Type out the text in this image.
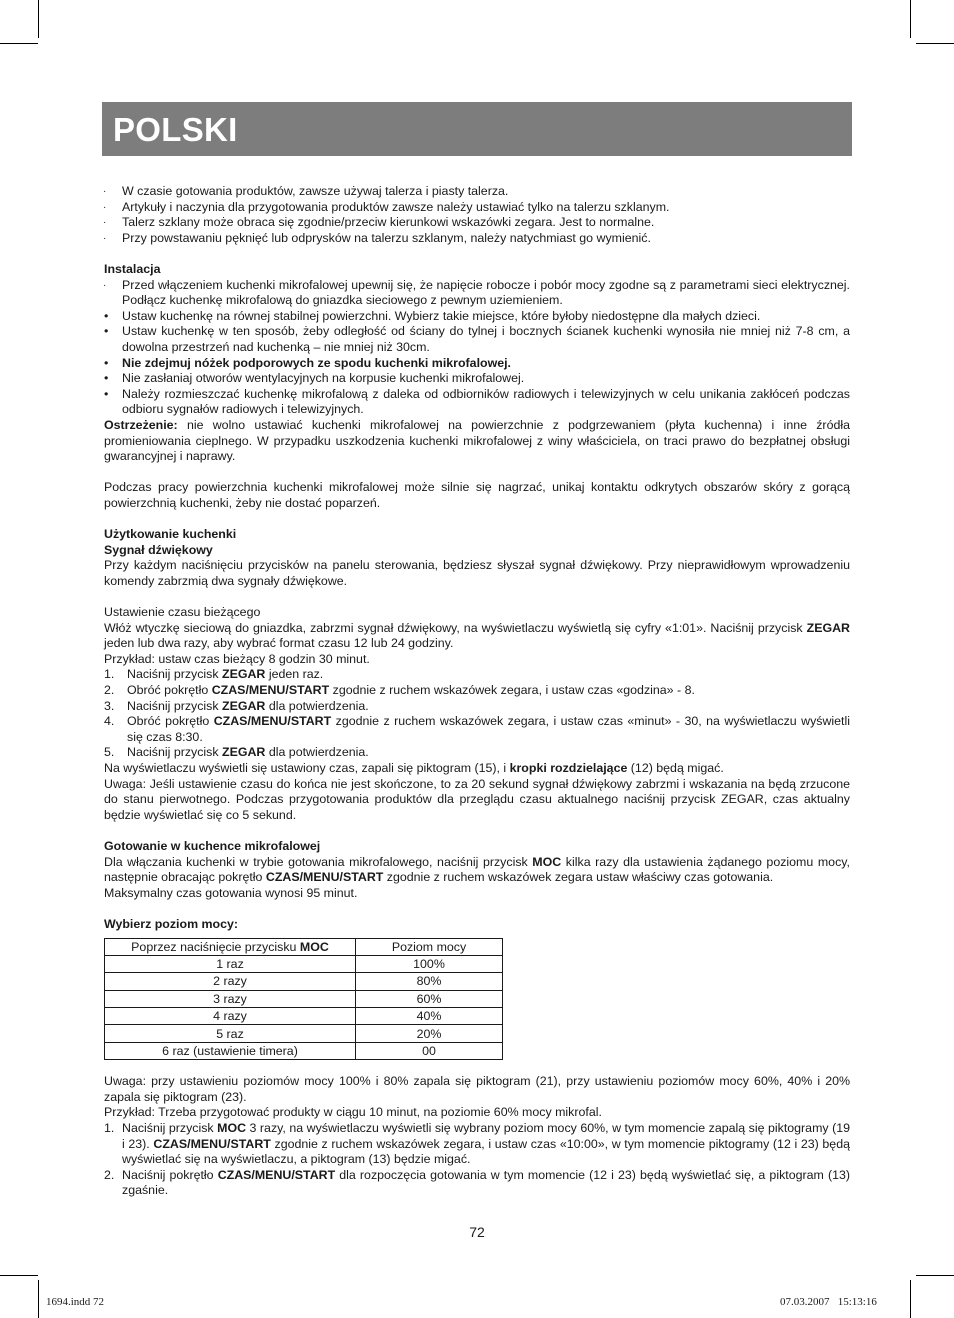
POLSKI
· W czasie gotowania produktów, zawsze używaj talerza i piasty talerza.
· Artykuły i naczynia dla przygotowania produktów zawsze należy ustawiać tylko na talerzu szklanym.
· Talerz szklany może obraca się zgodnie/przeciw kierunkowi wskazówki zegara. Jest to normalne.
· Przy powstawaniu pęknięć lub odprysków na talerzu szklanym, należy natychmiast go wymienić.
Instalacja
· Przed włączeniem kuchenki mikrofalowej upewnij się, że napięcie robocze i pobór mocy zgodne są z parametrami sieci elektrycznej. Podłącz kuchenkę mikrofalową do gniazdka sieciowego z pewnym uziemieniem.
• Ustaw kuchenkę na równej stabilnej powierzchni. Wybierz takie miejsce, które byłoby niedostępne dla małych dzieci.
• Ustaw kuchenkę w ten sposób, żeby odległość od ściany do tylnej i bocznych ścianek kuchenki wynosiła nie mniej niż 7-8 cm, a dowolna przestrzeń nad kuchenką – nie mniej niż 30cm.
• Nie zdejmuj nóżek podporowych ze spodu kuchenki mikrofalowej.
• Nie zasłaniaj otworów wentylacyjnych na korpusie kuchenki mikrofalowej.
• Należy rozmieszczać kuchenkę mikrofalową z daleka od odbiorników radiowych i telewizyjnych w celu unikania zakłóceń podczas odbioru sygnałów radiowych i telewizyjnych.
Ostrzeżenie: nie wolno ustawiać kuchenki mikrofalowej na powierzchnie z podgrzewaniem (płyta kuchenna) i inne źródła promieniowania cieplnego. W przypadku uszkodzenia kuchenki mikrofalowej z winy właściciela, on traci prawo do bezpłatnej obsługi gwarancyjnej i naprawy.
Podczas pracy powierzchnia kuchenki mikrofalowej może silnie się nagrzać, unikaj kontaktu odkrytych obszarów skóry z gorącą powierzchnią kuchenki, żeby nie dostać poparzeń.
Użytkowanie kuchenki
Sygnał dźwiękowy
Przy każdym naciśnięciu przycisków na panelu sterowania, będziesz słyszał sygnał dźwiękowy. Przy nieprawidłowym wprowadzeniu komendy zabrzmią dwa sygnały dźwiękowe.
Ustawienie czasu bieżącego
Włóż wtyczkę sieciową do gniazdka, zabrzmi sygnał dźwiękowy, na wyświetlaczu wyświetlą się cyfry «1:01». Naciśnij przycisk ZEGAR jeden lub dwa razy, aby wybrać format czasu 12 lub 24 godziny.
Przykład: ustaw czas bieżący 8 godzin 30 minut.
1. Naciśnij przycisk ZEGAR jeden raz.
2. Obróć pokrętło CZAS/MENU/START zgodnie z ruchem wskazówek zegara, i ustaw czas «godzina» - 8.
3. Naciśnij przycisk ZEGAR dla potwierdzenia.
4. Obróć pokrętło CZAS/MENU/START zgodnie z ruchem wskazówek zegara, i ustaw czas «minut» - 30, na wyświetlaczu wyświetli się czas 8:30.
5. Naciśnij przycisk ZEGAR dla potwierdzenia.
Na wyświetlaczu wyświetli się ustawiony czas, zapali się piktogram (15), i kropki rozdzielające (12) będą migać.
Uwaga: Jeśli ustawienie czasu do końca nie jest skończone, to za 20 sekund sygnał dźwiękowy zabrzmi i wskazania na będą zrzucone do stanu pierwotnego. Podczas przygotowania produktów dla przeglądu czasu aktualnego naciśnij przycisk ZEGAR, czas aktualny będzie wyświetlać się co 5 sekund.
Gotowanie w kuchence mikrofalowej
Dla włączania kuchenki w trybie gotowania mikrofalowego, naciśnij przycisk MOC kilka razy dla ustawienia żądanego poziomu mocy, następnie obracając pokrętło CZAS/MENU/START zgodnie z ruchem wskazówek zegara ustaw właściwy czas gotowania.
Maksymalny czas gotowania wynosi 95 minut.
Wybierz poziom mocy:
Poprzez naciśnięcie przycisku MOC	Poziom mocy
1 raz	100%
2 razy	80%
3 razy	60%
4 razy	40%
5 raz	20%
6 raz (ustawienie timera)	00
Uwaga: przy ustawieniu poziomów mocy 100% i 80% zapala się piktogram (21), przy ustawieniu poziomów mocy 60%, 40% i 20% zapala się piktogram (23).
Przykład: Trzeba przygotować produkty w ciągu 10 minut, na poziomie 60% mocy mikrofal.
1. Naciśnij przycisk MOC 3 razy, na wyświetlaczu wyświetli się wybrany poziom mocy 60%, w tym momencie zapalą się piktogramy (19 i 23). CZAS/MENU/START zgodnie z ruchem wskazówek zegara, i ustaw czas «10:00», w tym momencie piktogramy (12 i 23) będą wyświetlać się na wyświetlaczu, a piktogram (13) będzie migać.
2. Naciśnij pokrętło CZAS/MENU/START dla rozpoczęcia gotowania w tym momencie (12 i 23) będą wyświetlać się, a piktogram (13) zgaśnie.
72
1694.indd 72	07.03.2007   15:13:16
